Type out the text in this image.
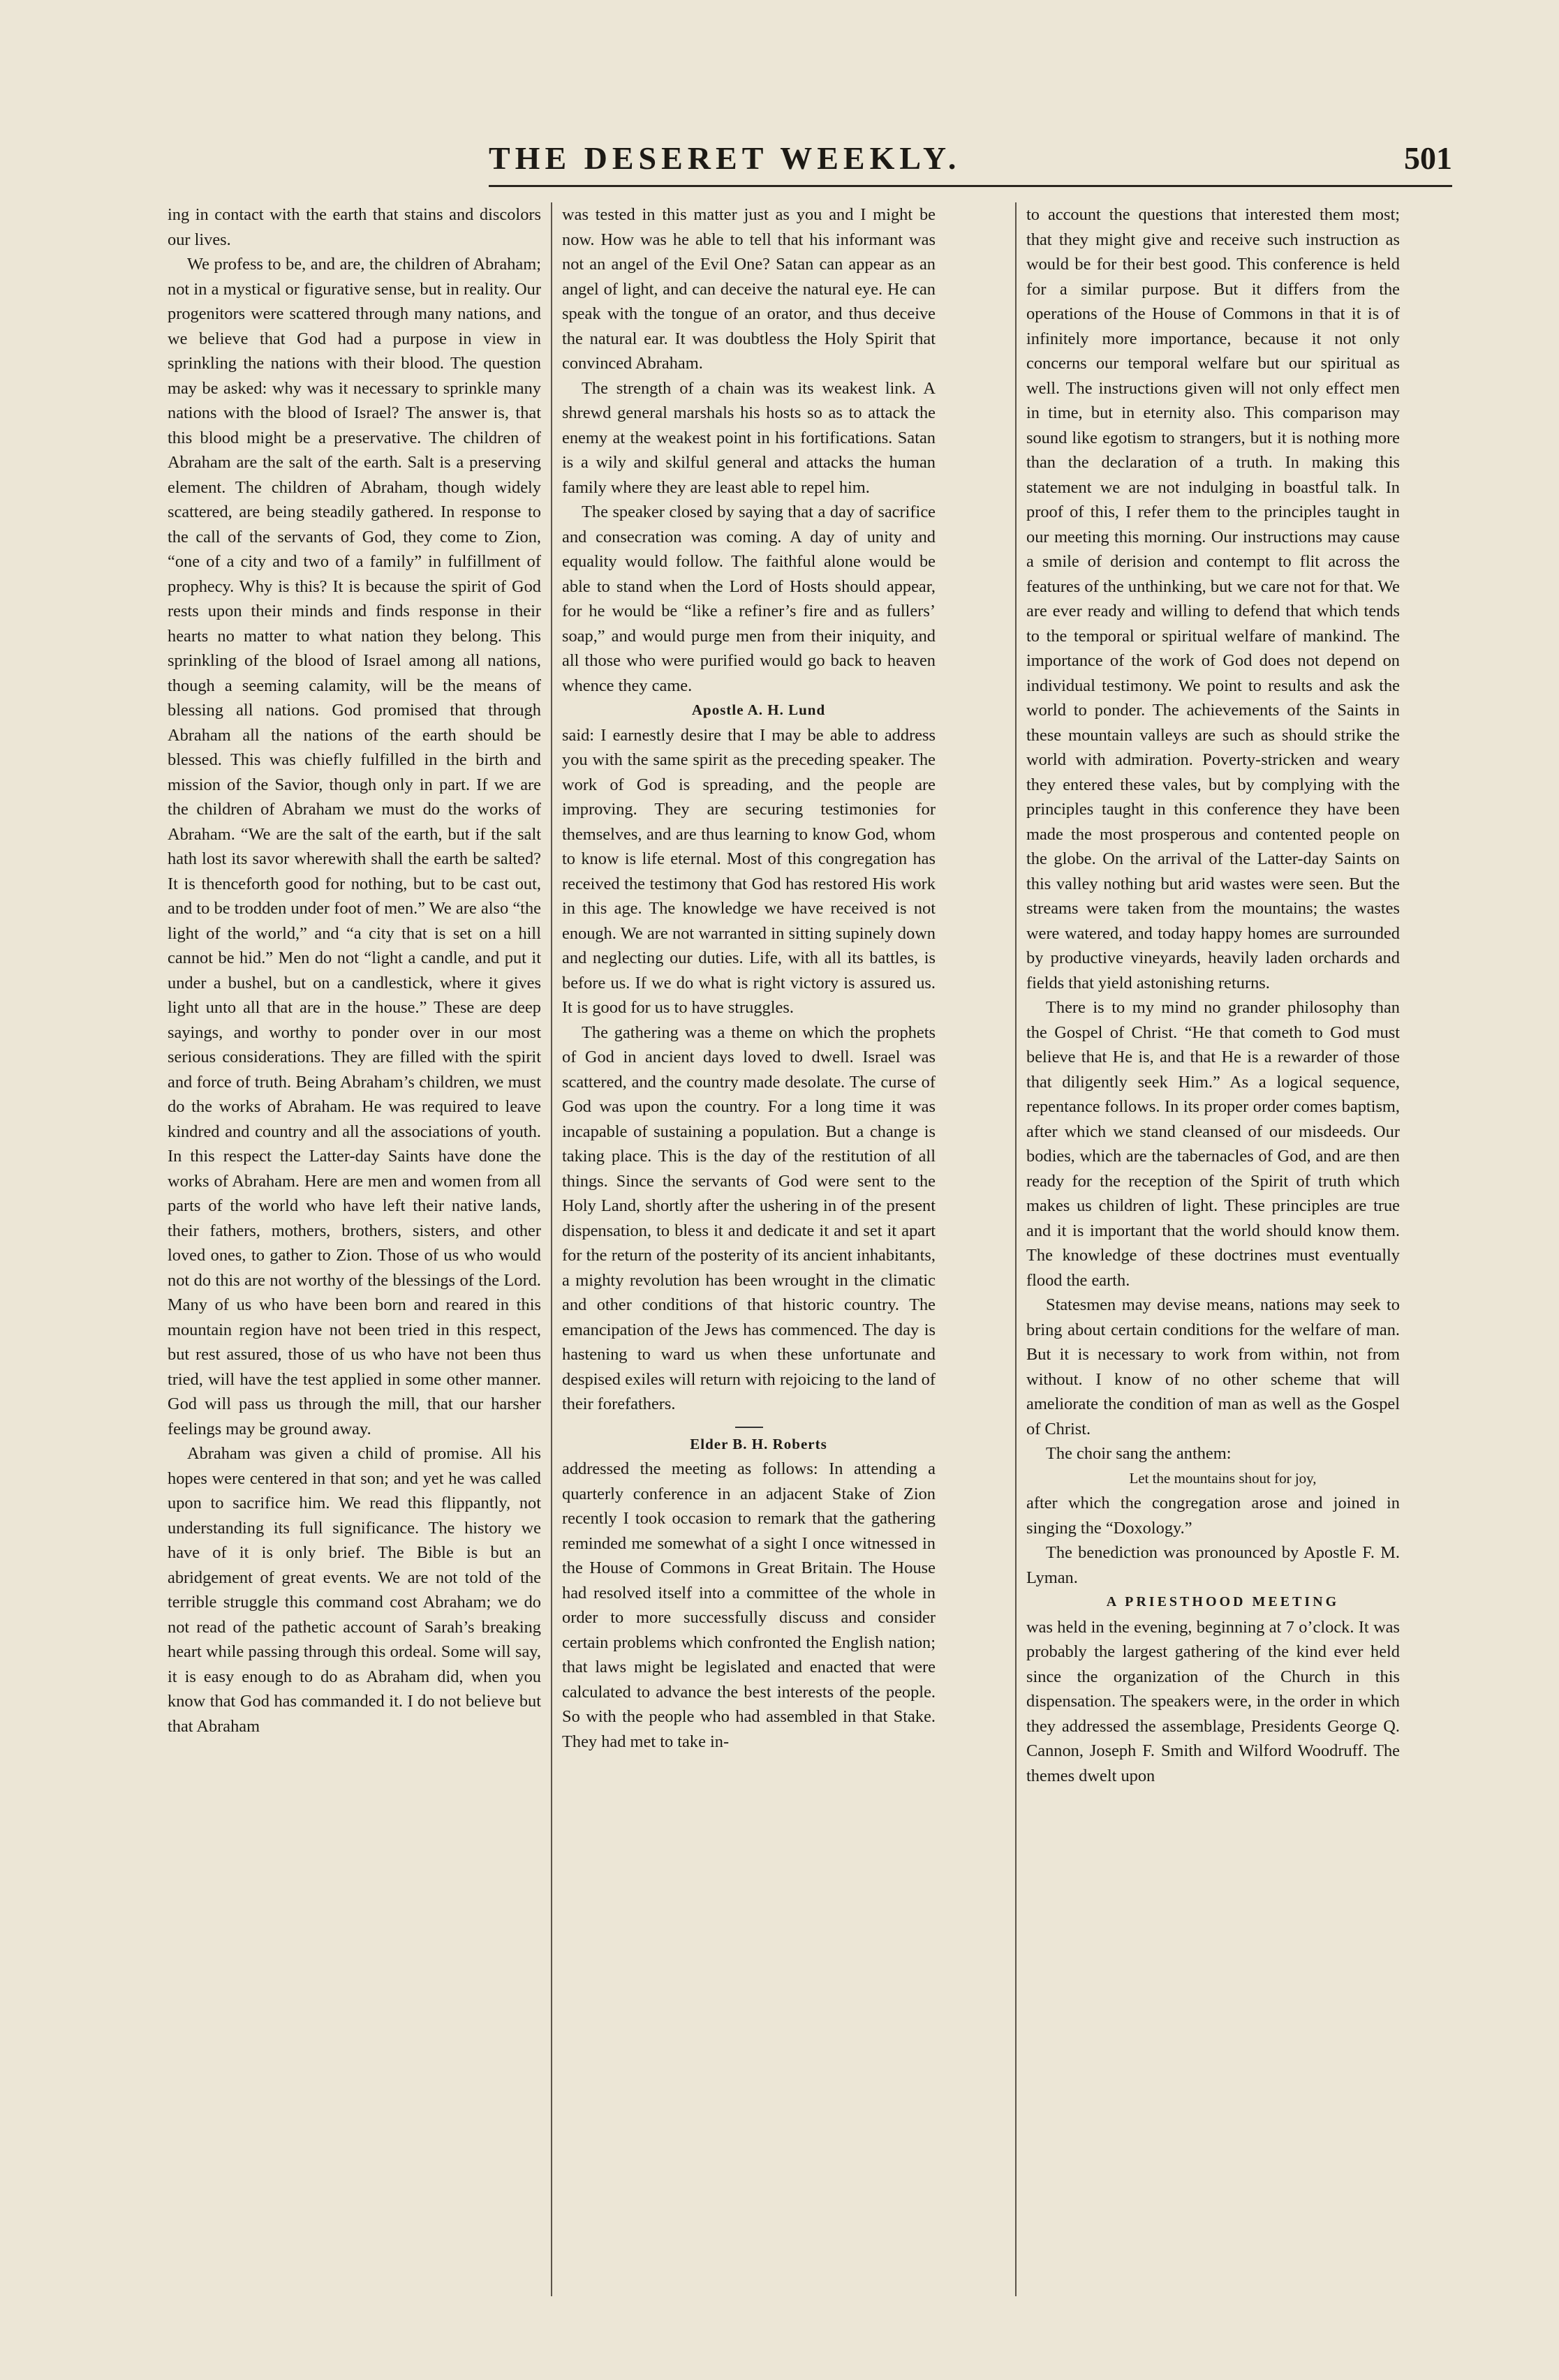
THE DESERET WEEKLY.	501

ing in contact with the earth that stains and discolors our lives.

We profess to be, and are, the children of Abraham; not in a mystical or figurative sense, but in reality. Our progenitors were scattered through many nations, and we believe that God had a purpose in view in sprinkling the nations with their blood. The question may be asked: why was it necessary to sprinkle many nations with the blood of Israel? The answer is, that this blood might be a preservative. The children of Abraham are the salt of the earth. Salt is a preserving element. The children of Abraham, though widely scattered, are being steadily gathered. In response to the call of the servants of God, they come to Zion, “one of a city and two of a family” in fulfillment of prophecy. Why is this? It is because the spirit of God rests upon their minds and finds response in their hearts no matter to what nation they belong. This sprinkling of the blood of Israel among all nations, though a seeming calamity, will be the means of blessing all nations. God promised that through Abraham all the nations of the earth should be blessed. This was chiefly fulfilled in the birth and mission of the Savior, though only in part. If we are the children of Abraham we must do the works of Abraham. “We are the salt of the earth, but if the salt hath lost its savor wherewith shall the earth be salted? It is thenceforth good for nothing, but to be cast out, and to be trodden under foot of men.” We are also “the light of the world,” and “a city that is set on a hill cannot be hid.” Men do not “light a candle, and put it under a bushel, but on a candlestick, where it gives light unto all that are in the house.” These are deep sayings, and worthy to ponder over in our most serious considerations. They are filled with the spirit and force of truth. Being Abraham’s children, we must do the works of Abraham. He was required to leave kindred and country and all the associations of youth. In this respect the Latter-day Saints have done the works of Abraham. Here are men and women from all parts of the world who have left their native lands, their fathers, mothers, brothers, sisters, and other loved ones, to gather to Zion. Those of us who would not do this are not worthy of the blessings of the Lord. Many of us who have been born and reared in this mountain region have not been tried in this respect, but rest assured, those of us who have not been thus tried, will have the test applied in some other manner. God will pass us through the mill, that our harsher feelings may be ground away.

Abraham was given a child of promise. All his hopes were centered in that son; and yet he was called upon to sacrifice him. We read this flippantly, not understanding its full significance. The history we have of it is only brief. The Bible is but an abridgement of great events. We are not told of the terrible struggle this command cost Abraham; we do not read of the pathetic account of Sarah’s breaking heart while passing through this ordeal. Some will say, it is easy enough to do as Abraham did, when you know that God has commanded it. I do not believe but that Abraham

was tested in this matter just as you and I might be now. How was he able to tell that his informant was not an angel of the Evil One? Satan can appear as an angel of light, and can deceive the natural eye. He can speak with the tongue of an orator, and thus deceive the natural ear. It was doubtless the Holy Spirit that convinced Abraham.

The strength of a chain was its weakest link. A shrewd general marshals his hosts so as to attack the enemy at the weakest point in his fortifications. Satan is a wily and skilful general and attacks the human family where they are least able to repel him.

The speaker closed by saying that a day of sacrifice and consecration was coming. A day of unity and equality would follow. The faithful alone would be able to stand when the Lord of Hosts should appear, for he would be “like a refiner’s fire and as fullers’ soap,” and would purge men from their iniquity, and all those who were purified would go back to heaven whence they came.

Apostle A. H. Lund

said: I earnestly desire that I may be able to address you with the same spirit as the preceding speaker. The work of God is spreading, and the people are improving. They are securing testimonies for themselves, and are thus learning to know God, whom to know is life eternal. Most of this congregation has received the testimony that God has restored His work in this age. The knowledge we have received is not enough. We are not warranted in sitting supinely down and neglecting our duties. Life, with all its battles, is before us. If we do what is right victory is assured us. It is good for us to have struggles.

The gathering was a theme on which the prophets of God in ancient days loved to dwell. Israel was scattered, and the country made desolate. The curse of God was upon the country. For a long time it was incapable of sustaining a population. But a change is taking place. This is the day of the restitution of all things. Since the servants of God were sent to the Holy Land, shortly after the ushering in of the present dispensation, to bless it and dedicate it and set it apart for the return of the posterity of its ancient inhabitants, a mighty revolution has been wrought in the climatic and other conditions of that historic country. The emancipation of the Jews has commenced. The day is hastening to ward us when these unfortunate and despised exiles will return with rejoicing to the land of their forefathers.

Elder B. H. Roberts

addressed the meeting as follows: In attending a quarterly conference in an adjacent Stake of Zion recently I took occasion to remark that the gathering reminded me somewhat of a sight I once witnessed in the House of Commons in Great Britain. The House had resolved itself into a committee of the whole in order to more successfully discuss and consider certain problems which confronted the English nation; that laws might be legislated and enacted that were calculated to advance the best interests of the people. So with the people who had assembled in that Stake. They had met to take in-

to account the questions that interested them most; that they might give and receive such instruction as would be for their best good. This conference is held for a similar purpose. But it differs from the operations of the House of Commons in that it is of infinitely more importance, because it not only concerns our temporal welfare but our spiritual as well. The instructions given will not only effect men in time, but in eternity also. This comparison may sound like egotism to strangers, but it is nothing more than the declaration of a truth. In making this statement we are not indulging in boastful talk. In proof of this, I refer them to the principles taught in our meeting this morning. Our instructions may cause a smile of derision and contempt to flit across the features of the unthinking, but we care not for that. We are ever ready and willing to defend that which tends to the temporal or spiritual welfare of mankind. The importance of the work of God does not depend on individual testimony. We point to results and ask the world to ponder. The achievements of the Saints in these mountain valleys are such as should strike the world with admiration. Poverty-stricken and weary they entered these vales, but by complying with the principles taught in this conference they have been made the most prosperous and contented people on the globe. On the arrival of the Latter-day Saints on this valley nothing but arid wastes were seen. But the streams were taken from the mountains; the wastes were watered, and today happy homes are surrounded by productive vineyards, heavily laden orchards and fields that yield astonishing returns.

There is to my mind no grander philosophy than the Gospel of Christ. “He that cometh to God must believe that He is, and that He is a rewarder of those that diligently seek Him.” As a logical sequence, repentance follows. In its proper order comes baptism, after which we stand cleansed of our misdeeds. Our bodies, which are the tabernacles of God, and are then ready for the reception of the Spirit of truth which makes us children of light. These principles are true and it is important that the world should know them. The knowledge of these doctrines must eventually flood the earth.

Statesmen may devise means, nations may seek to bring about certain conditions for the welfare of man. But it is necessary to work from within, not from without. I know of no other scheme that will ameliorate the condition of man as well as the Gospel of Christ.

The choir sang the anthem:

Let the mountains shout for joy,

after which the congregation arose and joined in singing the “Doxology.”

The benediction was pronounced by Apostle F. M. Lyman.

A PRIESTHOOD MEETING

was held in the evening, beginning at 7 o’clock. It was probably the largest gathering of the kind ever held since the organization of the Church in this dispensation. The speakers were, in the order in which they addressed the assemblage, Presidents George Q. Cannon, Joseph F. Smith and Wilford Woodruff. The themes dwelt upon
